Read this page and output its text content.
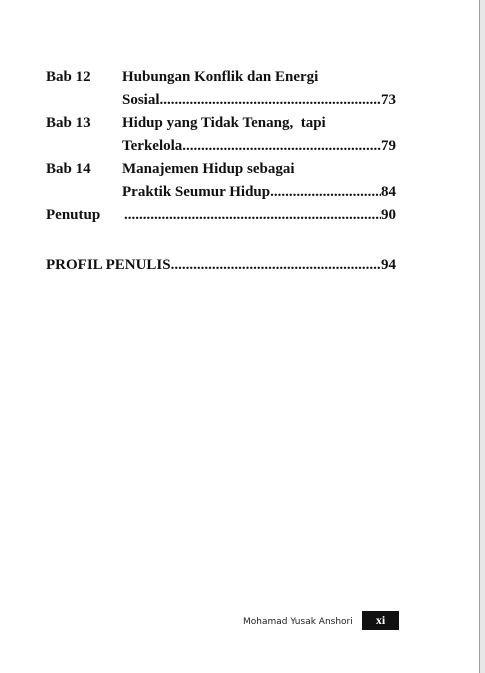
Bab 12	Hubungan Konflik dan Energi
Sosial .....	73
Bab 13	Hidup yang Tidak Tenang,  tapi
Terkelola .....	79
Bab 14	Manajemen Hidup sebagai
Praktik Seumur Hidup .....	84
Penutup .....	90
PROFIL PENULIS .....	94
Mohamad Yusak Anshori	xi
